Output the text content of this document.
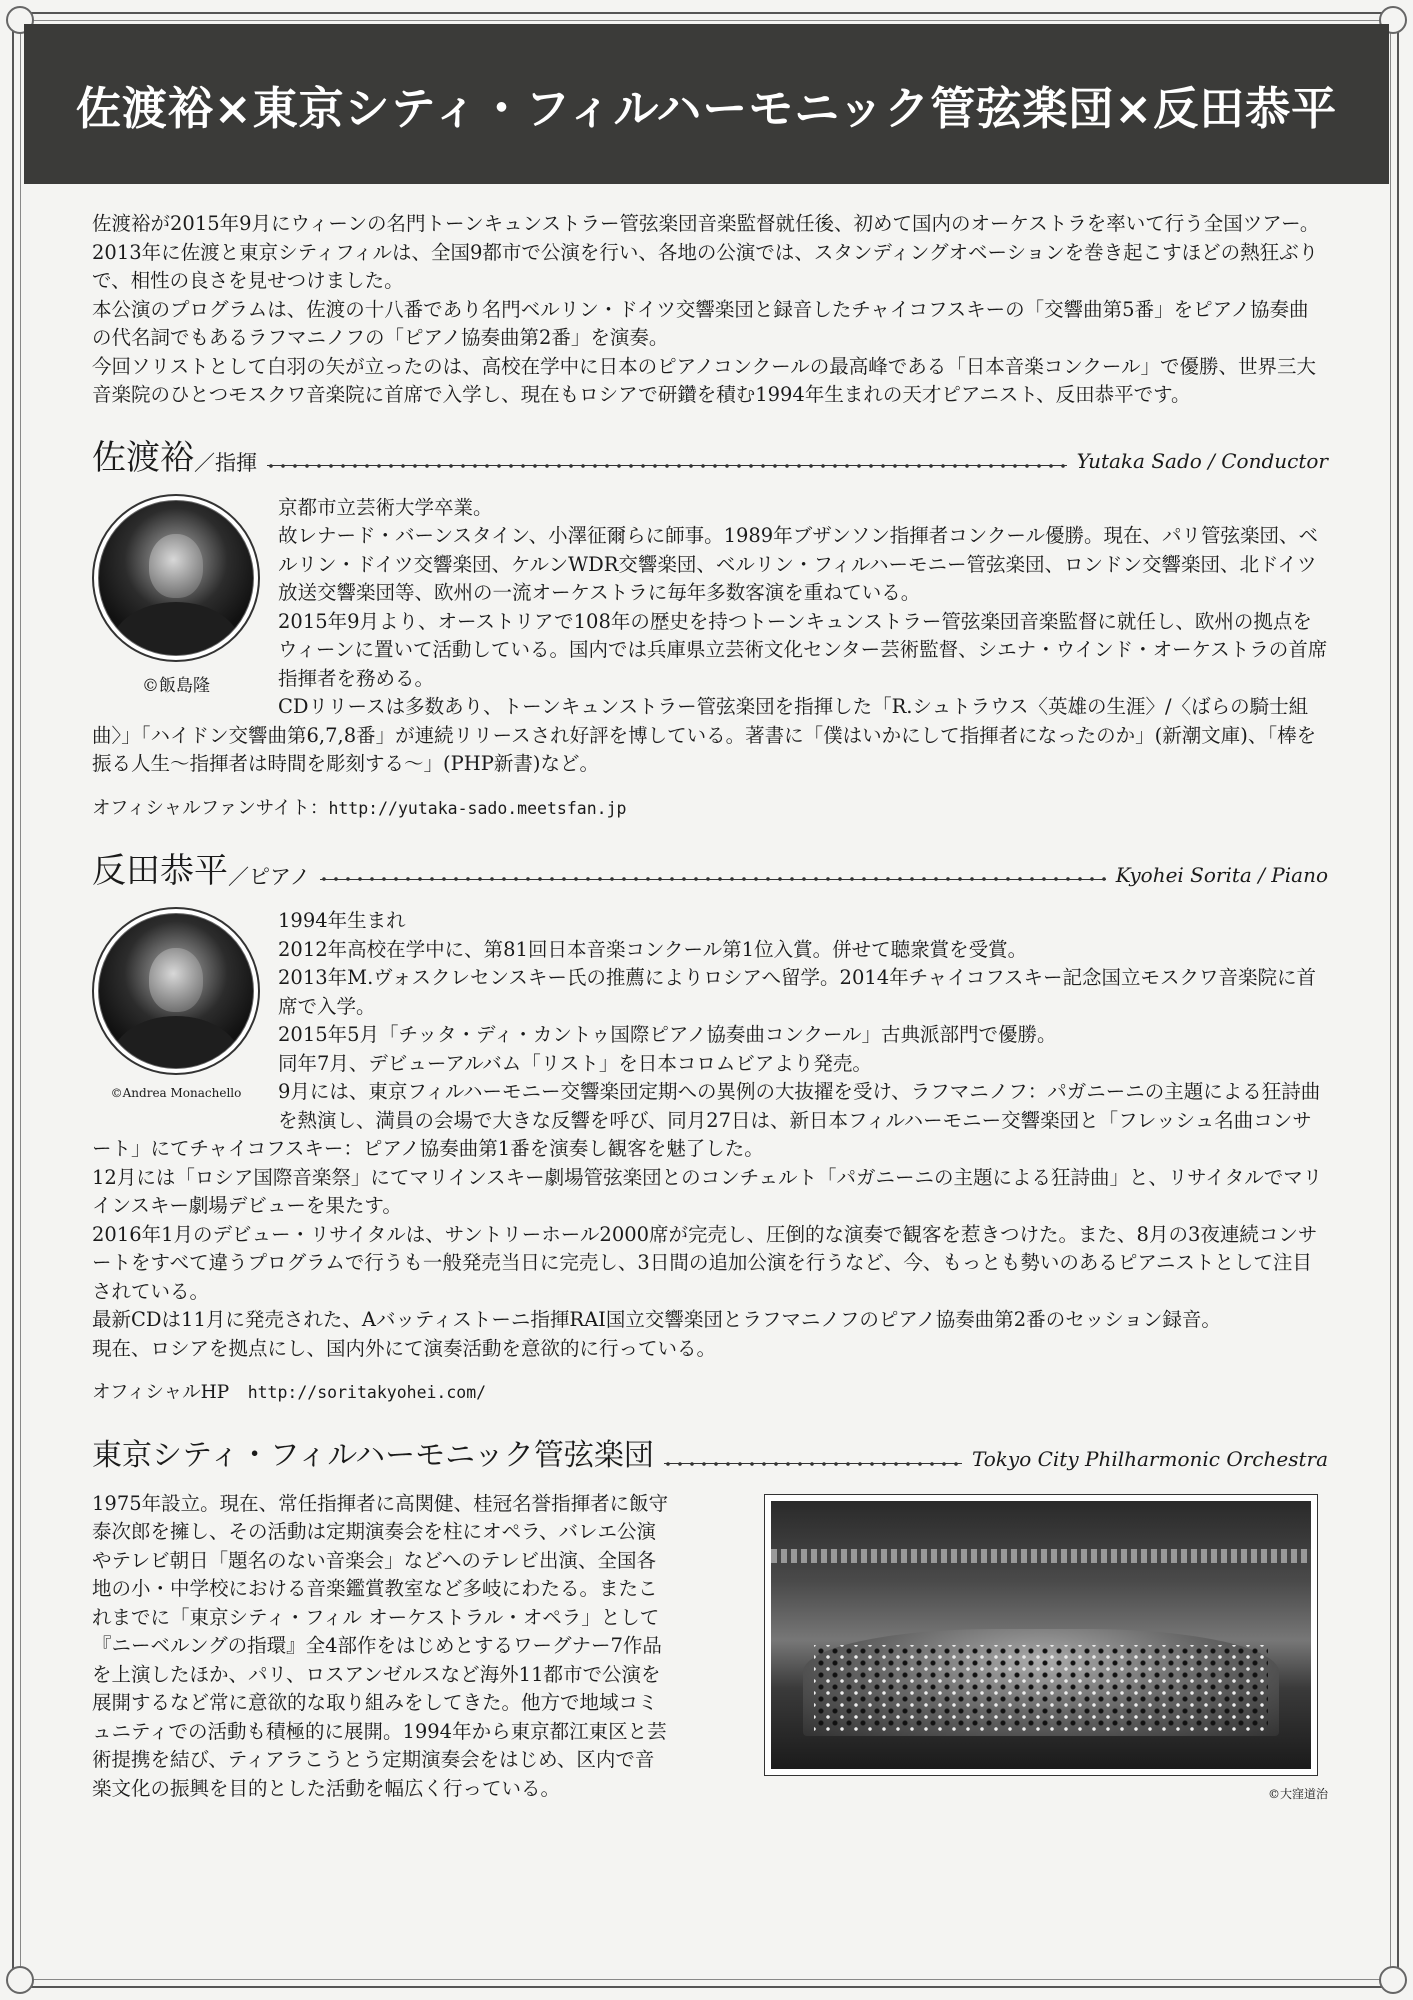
佐渡裕×東京シティ・フィルハーモニック管弦楽団×反田恭平

佐渡裕が2015年9月にウィーンの名門トーンキュンストラー管弦楽団音楽監督就任後、初めて国内のオーケストラを率いて行う全国ツアー。2013年に佐渡と東京シティフィルは、全国9都市で公演を行い、各地の公演では、スタンディングオベーションを巻き起こすほどの熱狂ぶりで、相性の良さを見せつけました。

本公演のプログラムは、佐渡の十八番であり名門ベルリン・ドイツ交響楽団と録音したチャイコフスキーの「交響曲第5番」をピアノ協奏曲の代名詞でもあるラフマニノフの「ピアノ協奏曲第2番」を演奏。

今回ソリストとして白羽の矢が立ったのは、高校在学中に日本のピアノコンクールの最高峰である「日本音楽コンクール」で優勝、世界三大音楽院のひとつモスクワ音楽院に首席で入学し、現在もロシアで研鑽を積む1994年生まれの天才ピアニスト、反田恭平です。

佐渡裕 ／指揮	Yutaka Sado / Conductor
©飯島隆

京都市立芸術大学卒業。

故レナード・バーンスタイン、小澤征爾らに師事。1989年ブザンソン指揮者コンクール優勝。現在、パリ管弦楽団、ベルリン・ドイツ交響楽団、ケルンWDR交響楽団、ベルリン・フィルハーモニー管弦楽団、ロンドン交響楽団、北ドイツ放送交響楽団等、欧州の一流オーケストラに毎年多数客演を重ねている。

2015年9月より、オーストリアで108年の歴史を持つトーンキュンストラー管弦楽団音楽監督に就任し、欧州の拠点をウィーンに置いて活動している。国内では兵庫県立芸術文化センター芸術監督、シエナ・ウインド・オーケストラの首席指揮者を務める。

CDリリースは多数あり、トーンキュンストラー管弦楽団を指揮した「R.シュトラウス〈英雄の生涯〉/〈ばらの騎士組曲〉」「ハイドン交響曲第6,7,8番」が連続リリースされ好評を博している。著書に「僕はいかにして指揮者になったのか」(新潮文庫)、「棒を振る人生～指揮者は時間を彫刻する～」(PHP新書)など。

オフィシャルファンサイト：http://yutaka-sado.meetsfan.jp
反田恭平 ／ピアノ	Kyohei Sorita / Piano
©Andrea Monachello

1994年生まれ

2012年高校在学中に、第81回日本音楽コンクール第1位入賞。併せて聴衆賞を受賞。

2013年M.ヴォスクレセンスキー氏の推薦によりロシアへ留学。2014年チャイコフスキー記念国立モスクワ音楽院に首席で入学。

2015年5月「チッタ・ディ・カントゥ国際ピアノ協奏曲コンクール」古典派部門で優勝。

同年7月、デビューアルバム「リスト」を日本コロムビアより発売。

9月には、東京フィルハーモニー交響楽団定期への異例の大抜擢を受け、ラフマニノフ：パガニーニの主題による狂詩曲を熱演し、満員の会場で大きな反響を呼び、同月27日は、新日本フィルハーモニー交響楽団と「フレッシュ名曲コンサート」にてチャイコフスキー：ピアノ協奏曲第1番を演奏し観客を魅了した。

12月には「ロシア国際音楽祭」にてマリインスキー劇場管弦楽団とのコンチェルト「パガニーニの主題による狂詩曲」と、リサイタルでマリインスキー劇場デビューを果たす。

2016年1月のデビュー・リサイタルは、サントリーホール2000席が完売し、圧倒的な演奏で観客を惹きつけた。また、8月の3夜連続コンサートをすべて違うプログラムで行うも一般発売当日に完売し、3日間の追加公演を行うなど、今、もっとも勢いのあるピアニストとして注目されている。

最新CDは11月に発売された、Aバッティストーニ指揮RAI国立交響楽団とラフマニノフのピアノ協奏曲第2番のセッション録音。

現在、ロシアを拠点にし、国内外にて演奏活動を意欲的に行っている。

オフィシャルHP　http://soritakyohei.com/
東京シティ・フィルハーモニック管弦楽団	Tokyo City Philharmonic Orchestra

1975年設立。現在、常任指揮者に高関健、桂冠名誉指揮者に飯守泰次郎を擁し、その活動は定期演奏会を柱にオペラ、バレエ公演やテレビ朝日「題名のない音楽会」などへのテレビ出演、全国各地の小・中学校における音楽鑑賞教室など多岐にわたる。またこれまでに「東京シティ・フィル オーケストラル・オペラ」として『ニーベルングの指環』全4部作をはじめとするワーグナー7作品を上演したほか、パリ、ロスアンゼルスなど海外11都市で公演を展開するなど常に意欲的な取り組みをしてきた。他方で地域コミュニティでの活動も積極的に展開。1994年から東京都江東区と芸術提携を結び、ティアラこうとう定期演奏会をはじめ、区内で音楽文化の振興を目的とした活動を幅広く行っている。	©大窪道治
